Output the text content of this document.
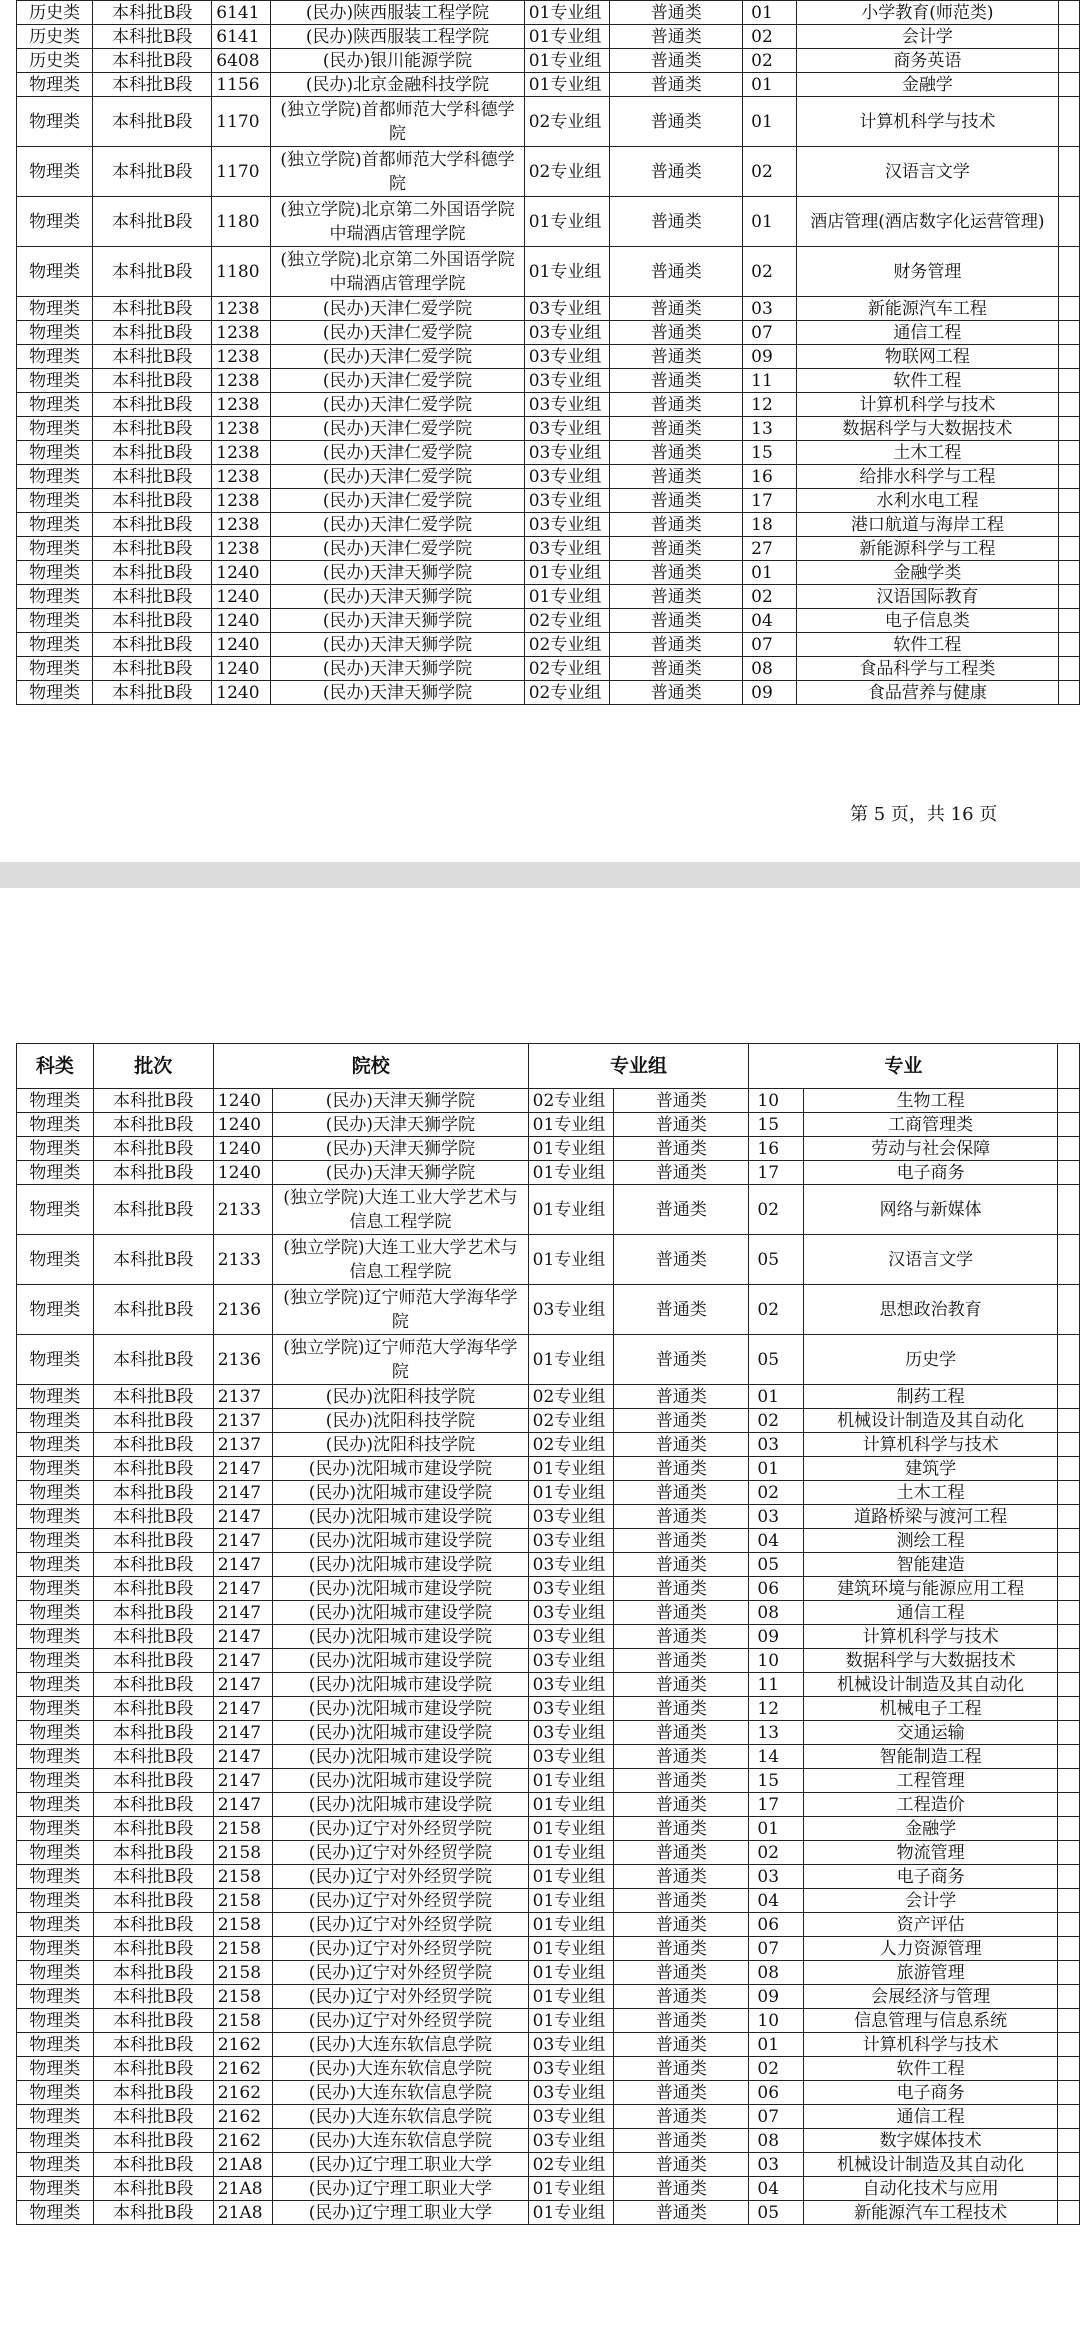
历史类	本科批B段	6141	(民办)陕西服装工程学院	01专业组	普通类	01	小学教育(师范类)	
历史类	本科批B段	6141	(民办)陕西服装工程学院	01专业组	普通类	02	会计学	
历史类	本科批B段	6408	(民办)银川能源学院	01专业组	普通类	02	商务英语	
物理类	本科批B段	1156	(民办)北京金融科技学院	01专业组	普通类	01	金融学	
物理类	本科批B段	1170	(独立学院)首都师范大学科德学院	02专业组	普通类	01	计算机科学与技术	
物理类	本科批B段	1170	(独立学院)首都师范大学科德学院	02专业组	普通类	02	汉语言文学	
物理类	本科批B段	1180	(独立学院)北京第二外国语学院中瑞酒店管理学院	01专业组	普通类	01	酒店管理(酒店数字化运营管理)	
物理类	本科批B段	1180	(独立学院)北京第二外国语学院中瑞酒店管理学院	01专业组	普通类	02	财务管理	
物理类	本科批B段	1238	(民办)天津仁爱学院	03专业组	普通类	03	新能源汽车工程	
物理类	本科批B段	1238	(民办)天津仁爱学院	03专业组	普通类	07	通信工程	
物理类	本科批B段	1238	(民办)天津仁爱学院	03专业组	普通类	09	物联网工程	
物理类	本科批B段	1238	(民办)天津仁爱学院	03专业组	普通类	11	软件工程	
物理类	本科批B段	1238	(民办)天津仁爱学院	03专业组	普通类	12	计算机科学与技术	
物理类	本科批B段	1238	(民办)天津仁爱学院	03专业组	普通类	13	数据科学与大数据技术	
物理类	本科批B段	1238	(民办)天津仁爱学院	03专业组	普通类	15	土木工程	
物理类	本科批B段	1238	(民办)天津仁爱学院	03专业组	普通类	16	给排水科学与工程	
物理类	本科批B段	1238	(民办)天津仁爱学院	03专业组	普通类	17	水利水电工程	
物理类	本科批B段	1238	(民办)天津仁爱学院	03专业组	普通类	18	港口航道与海岸工程	
物理类	本科批B段	1238	(民办)天津仁爱学院	03专业组	普通类	27	新能源科学与工程	
物理类	本科批B段	1240	(民办)天津天狮学院	01专业组	普通类	01	金融学类	
物理类	本科批B段	1240	(民办)天津天狮学院	01专业组	普通类	02	汉语国际教育	
物理类	本科批B段	1240	(民办)天津天狮学院	02专业组	普通类	04	电子信息类	
物理类	本科批B段	1240	(民办)天津天狮学院	02专业组	普通类	07	软件工程	
物理类	本科批B段	1240	(民办)天津天狮学院	02专业组	普通类	08	食品科学与工程类	
物理类	本科批B段	1240	(民办)天津天狮学院	02专业组	普通类	09	食品营养与健康	
第 5 页，共 16 页
科类	批次	院校		专业组		专业		
物理类	本科批B段	1240	(民办)天津天狮学院	02专业组	普通类	10	生物工程	
物理类	本科批B段	1240	(民办)天津天狮学院	01专业组	普通类	15	工商管理类	
物理类	本科批B段	1240	(民办)天津天狮学院	01专业组	普通类	16	劳动与社会保障	
物理类	本科批B段	1240	(民办)天津天狮学院	01专业组	普通类	17	电子商务	
物理类	本科批B段	2133	(独立学院)大连工业大学艺术与信息工程学院	01专业组	普通类	02	网络与新媒体	
物理类	本科批B段	2133	(独立学院)大连工业大学艺术与信息工程学院	01专业组	普通类	05	汉语言文学	
物理类	本科批B段	2136	(独立学院)辽宁师范大学海华学院	03专业组	普通类	02	思想政治教育	
物理类	本科批B段	2136	(独立学院)辽宁师范大学海华学院	01专业组	普通类	05	历史学	
物理类	本科批B段	2137	(民办)沈阳科技学院	02专业组	普通类	01	制药工程	
物理类	本科批B段	2137	(民办)沈阳科技学院	02专业组	普通类	02	机械设计制造及其自动化	
物理类	本科批B段	2137	(民办)沈阳科技学院	02专业组	普通类	03	计算机科学与技术	
物理类	本科批B段	2147	(民办)沈阳城市建设学院	01专业组	普通类	01	建筑学	
物理类	本科批B段	2147	(民办)沈阳城市建设学院	01专业组	普通类	02	土木工程	
物理类	本科批B段	2147	(民办)沈阳城市建设学院	03专业组	普通类	03	道路桥梁与渡河工程	
物理类	本科批B段	2147	(民办)沈阳城市建设学院	03专业组	普通类	04	测绘工程	
物理类	本科批B段	2147	(民办)沈阳城市建设学院	03专业组	普通类	05	智能建造	
物理类	本科批B段	2147	(民办)沈阳城市建设学院	03专业组	普通类	06	建筑环境与能源应用工程	
物理类	本科批B段	2147	(民办)沈阳城市建设学院	03专业组	普通类	08	通信工程	
物理类	本科批B段	2147	(民办)沈阳城市建设学院	03专业组	普通类	09	计算机科学与技术	
物理类	本科批B段	2147	(民办)沈阳城市建设学院	03专业组	普通类	10	数据科学与大数据技术	
物理类	本科批B段	2147	(民办)沈阳城市建设学院	03专业组	普通类	11	机械设计制造及其自动化	
物理类	本科批B段	2147	(民办)沈阳城市建设学院	03专业组	普通类	12	机械电子工程	
物理类	本科批B段	2147	(民办)沈阳城市建设学院	03专业组	普通类	13	交通运输	
物理类	本科批B段	2147	(民办)沈阳城市建设学院	03专业组	普通类	14	智能制造工程	
物理类	本科批B段	2147	(民办)沈阳城市建设学院	01专业组	普通类	15	工程管理	
物理类	本科批B段	2147	(民办)沈阳城市建设学院	01专业组	普通类	17	工程造价	
物理类	本科批B段	2158	(民办)辽宁对外经贸学院	01专业组	普通类	01	金融学	
物理类	本科批B段	2158	(民办)辽宁对外经贸学院	01专业组	普通类	02	物流管理	
物理类	本科批B段	2158	(民办)辽宁对外经贸学院	01专业组	普通类	03	电子商务	
物理类	本科批B段	2158	(民办)辽宁对外经贸学院	01专业组	普通类	04	会计学	
物理类	本科批B段	2158	(民办)辽宁对外经贸学院	01专业组	普通类	06	资产评估	
物理类	本科批B段	2158	(民办)辽宁对外经贸学院	01专业组	普通类	07	人力资源管理	
物理类	本科批B段	2158	(民办)辽宁对外经贸学院	01专业组	普通类	08	旅游管理	
物理类	本科批B段	2158	(民办)辽宁对外经贸学院	01专业组	普通类	09	会展经济与管理	
物理类	本科批B段	2158	(民办)辽宁对外经贸学院	01专业组	普通类	10	信息管理与信息系统	
物理类	本科批B段	2162	(民办)大连东软信息学院	03专业组	普通类	01	计算机科学与技术	
物理类	本科批B段	2162	(民办)大连东软信息学院	03专业组	普通类	02	软件工程	
物理类	本科批B段	2162	(民办)大连东软信息学院	03专业组	普通类	06	电子商务	
物理类	本科批B段	2162	(民办)大连东软信息学院	03专业组	普通类	07	通信工程	
物理类	本科批B段	2162	(民办)大连东软信息学院	03专业组	普通类	08	数字媒体技术	
物理类	本科批B段	21A8	(民办)辽宁理工职业大学	02专业组	普通类	03	机械设计制造及其自动化	
物理类	本科批B段	21A8	(民办)辽宁理工职业大学	01专业组	普通类	04	自动化技术与应用	
物理类	本科批B段	21A8	(民办)辽宁理工职业大学	01专业组	普通类	05	新能源汽车工程技术	
